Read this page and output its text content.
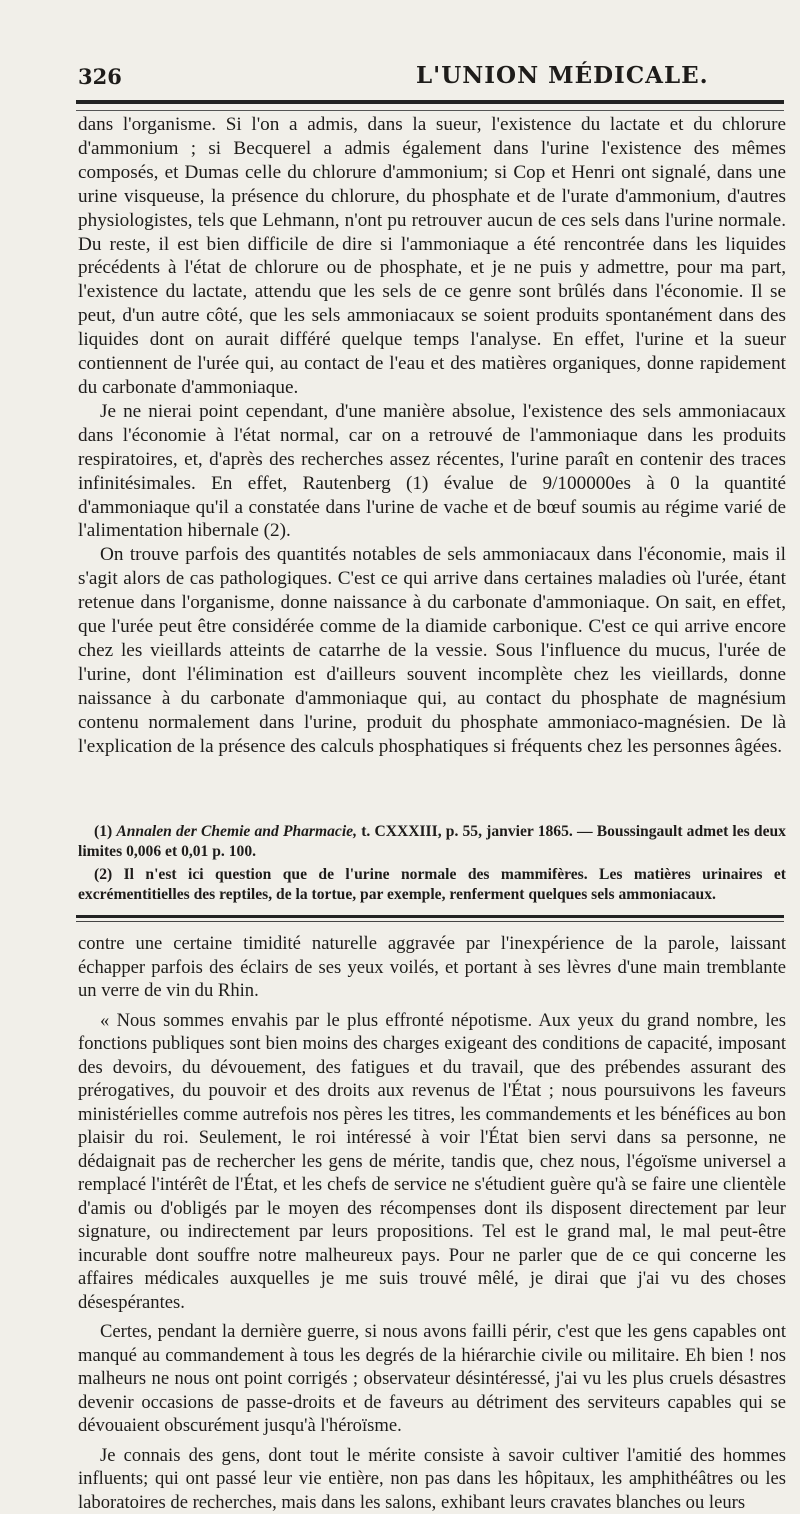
326	L'UNION MÉDICALE.

dans l'organisme. Si l'on a admis, dans la sueur, l'existence du lactate et du chlorure d'ammonium ; si Becquerel a admis également dans l'urine l'existence des mêmes composés, et Dumas celle du chlorure d'ammonium; si Cop et Henri ont signalé, dans une urine visqueuse, la présence du chlorure, du phosphate et de l'urate d'ammonium, d'autres physiologistes, tels que Lehmann, n'ont pu retrouver aucun de ces sels dans l'urine normale. Du reste, il est bien difficile de dire si l'ammoniaque a été rencontrée dans les liquides précédents à l'état de chlorure ou de phosphate, et je ne puis y admettre, pour ma part, l'existence du lactate, attendu que les sels de ce genre sont brûlés dans l'économie. Il se peut, d'un autre côté, que les sels ammoniacaux se soient produits spontanément dans des liquides dont on aurait différé quelque temps l'analyse. En effet, l'urine et la sueur contiennent de l'urée qui, au contact de l'eau et des matières organiques, donne rapidement du carbonate d'ammoniaque.

Je ne nierai point cependant, d'une manière absolue, l'existence des sels ammoniacaux dans l'économie à l'état normal, car on a retrouvé de l'ammoniaque dans les produits respiratoires, et, d'après des recherches assez récentes, l'urine paraît en contenir des traces infinitésimales. En effet, Rautenberg (1) évalue de 9/100000es à 0 la quantité d'ammoniaque qu'il a constatée dans l'urine de vache et de bœuf soumis au régime varié de l'alimentation hibernale (2).

On trouve parfois des quantités notables de sels ammoniacaux dans l'économie, mais il s'agit alors de cas pathologiques. C'est ce qui arrive dans certaines maladies où l'urée, étant retenue dans l'organisme, donne naissance à du carbonate d'ammoniaque. On sait, en effet, que l'urée peut être considérée comme de la diamide carbonique. C'est ce qui arrive encore chez les vieillards atteints de catarrhe de la vessie. Sous l'influence du mucus, l'urée de l'urine, dont l'élimination est d'ailleurs souvent incomplète chez les vieillards, donne naissance à du carbonate d'ammoniaque qui, au contact du phosphate de magnésium contenu normalement dans l'urine, produit du phosphate ammoniaco-magnésien. De là l'explication de la présence des calculs phosphatiques si fréquents chez les personnes âgées.

(1) Annalen der Chemie and Pharmacie, t. CXXXIII, p. 55, janvier 1865. — Boussingault admet les deux limites 0,006 et 0,01 p. 100.

(2) Il n'est ici question que de l'urine normale des mammifères. Les matières urinaires et excrémentitielles des reptiles, de la tortue, par exemple, renferment quelques sels ammoniacaux.

contre une certaine timidité naturelle aggravée par l'inexpérience de la parole, laissant échapper parfois des éclairs de ses yeux voilés, et portant à ses lèvres d'une main tremblante un verre de vin du Rhin.

« Nous sommes envahis par le plus effronté népotisme. Aux yeux du grand nombre, les fonctions publiques sont bien moins des charges exigeant des conditions de capacité, imposant des devoirs, du dévouement, des fatigues et du travail, que des prébendes assurant des prérogatives, du pouvoir et des droits aux revenus de l'État ; nous poursuivons les faveurs ministérielles comme autrefois nos pères les titres, les commandements et les bénéfices au bon plaisir du roi. Seulement, le roi intéressé à voir l'État bien servi dans sa personne, ne dédaignait pas de rechercher les gens de mérite, tandis que, chez nous, l'égoïsme universel a remplacé l'intérêt de l'État, et les chefs de service ne s'étudient guère qu'à se faire une clientèle d'amis ou d'obligés par le moyen des récompenses dont ils disposent directement par leur signature, ou indirectement par leurs propositions. Tel est le grand mal, le mal peut-être incurable dont souffre notre malheureux pays. Pour ne parler que de ce qui concerne les affaires médicales auxquelles je me suis trouvé mêlé, je dirai que j'ai vu des choses désespérantes.

Certes, pendant la dernière guerre, si nous avons failli périr, c'est que les gens capables ont manqué au commandement à tous les degrés de la hiérarchie civile ou militaire. Eh bien ! nos malheurs ne nous ont point corrigés ; observateur désintéressé, j'ai vu les plus cruels désastres devenir occasions de passe-droits et de faveurs au détriment des serviteurs capables qui se dévouaient obscurément jusqu'à l'héroïsme.

Je connais des gens, dont tout le mérite consiste à savoir cultiver l'amitié des hommes influents; qui ont passé leur vie entière, non pas dans les hôpitaux, les amphithéâtres ou les laboratoires de recherches, mais dans les salons, exhibant leurs cravates blanches ou leurs
